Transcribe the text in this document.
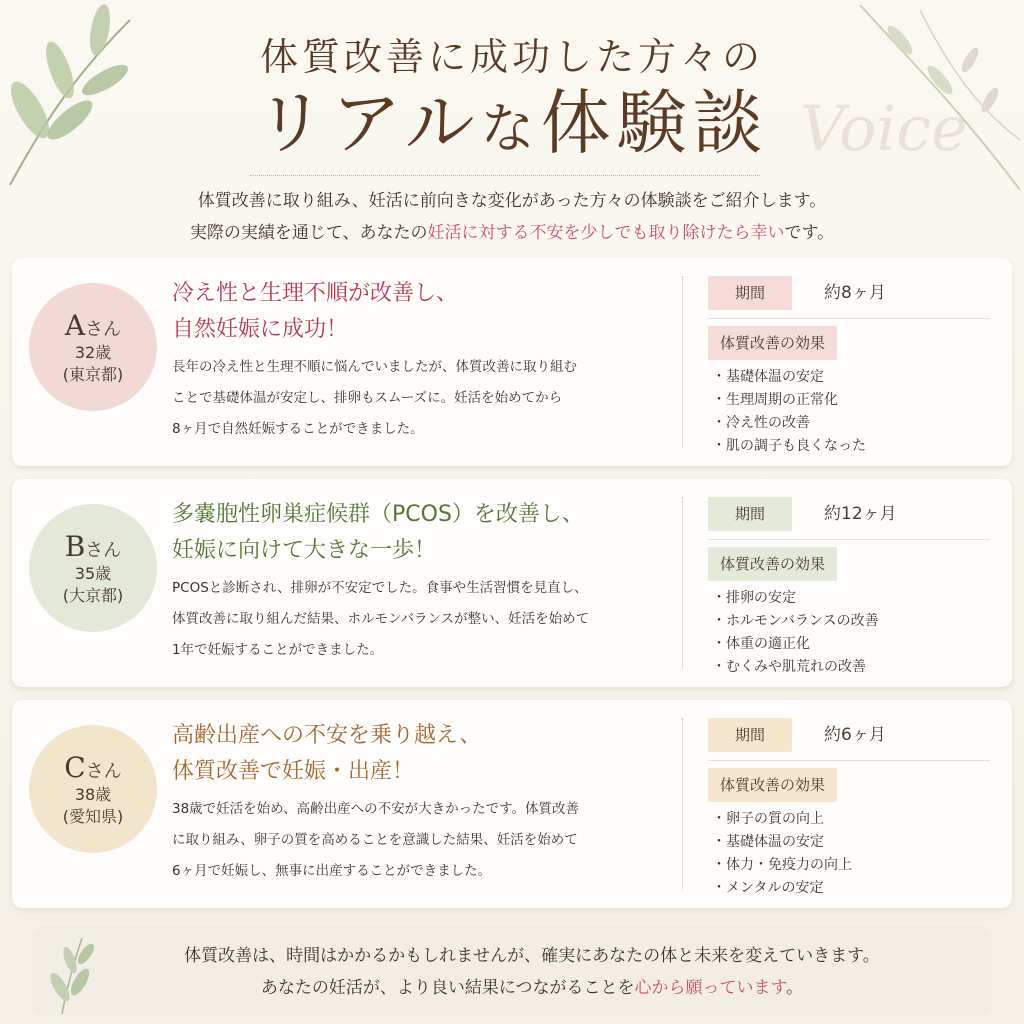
Voice
体質改善に成功した方々の
リアルな体験談
体質改善に取り組み、妊活に前向きな変化があった方々の体験談をご紹介します。
実際の実績を通じて、あなたの妊活に対する不安を少しでも取り除けたら幸いです。
Aさん
32歳
(東京都)
冷え性と生理不順が改善し、
自然妊娠に成功！
長年の冷え性と生理不順に悩んでいましたが、体質改善に取り組む
ことで基礎体温が安定し、排卵もスムーズに。妊活を始めてから
8ヶ月で自然妊娠することができました。
期間	約8ヶ月
体質改善の効果
・基礎体温の安定
・生理周期の正常化
・冷え性の改善
・肌の調子も良くなった
Bさん
35歳
(大京都)
多嚢胞性卵巣症候群（PCOS）を改善し、
妊娠に向けて大きな一歩！
PCOSと診断され、排卵が不安定でした。食事や生活習慣を見直し、
体質改善に取り組んだ結果、ホルモンバランスが整い、妊活を始めて
1年で妊娠することができました。
期間	約12ヶ月
体質改善の効果
・排卵の安定
・ホルモンバランスの改善
・体重の適正化
・むくみや肌荒れの改善
Cさん
38歳
(愛知県)
高齢出産への不安を乗り越え、
体質改善で妊娠・出産！
38歳で妊活を始め、高齢出産への不安が大きかったです。体質改善
に取り組み、卵子の質を高めることを意識した結果、妊活を始めて
6ヶ月で妊娠し、無事に出産することができました。
期間	約6ヶ月
体質改善の効果
・卵子の質の向上
・基礎体温の安定
・体力・免疫力の向上
・メンタルの安定
体質改善は、時間はかかるかもしれませんが、確実にあなたの体と未来を変えていきます。
あなたの妊活が、より良い結果につながることを心から願っています。
